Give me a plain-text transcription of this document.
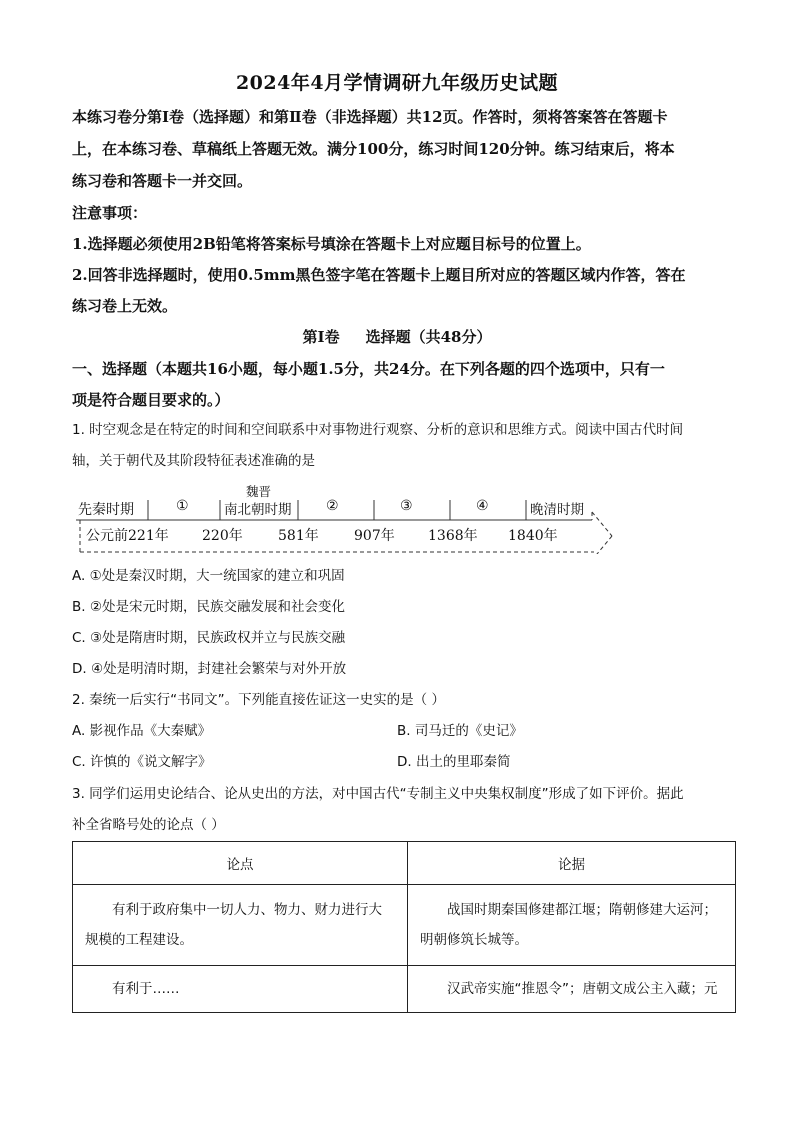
2024年4月学情调研九年级历史试题
本练习卷分第Ⅰ卷（选择题）和第Ⅱ卷（非选择题）共12页。作答时，须将答案答在答题卡
上，在本练习卷、草稿纸上答题无效。满分100分，练习时间120分钟。练习结束后，将本
练习卷和答题卡一并交回。
注意事项：
1.选择题必须使用2B铅笔将答案标号填涂在答题卡上对应题目标号的位置上。
2.回答非选择题时，使用0.5mm黑色签字笔在答题卡上题目所对应的答题区域内作答，答在
练习卷上无效。
第Ⅰ卷 选择题（共48分）
一、选择题（本题共16小题，每小题1.5分，共24分。在下列各题的四个选项中，只有一
项是符合题目要求的。）
1. 时空观念是在特定的时间和空间联系中对事物进行观察、分析的意识和思维方式。阅读中国古代时间
轴，关于朝代及其阶段特征表述准确的是
先秦时期	①
魏晋
南北朝时期 ②	③	④	晚清时期
公元前221年 220年	581年	907年 1368年 1840年
A. ①处是秦汉时期，大一统国家的建立和巩固
B. ②处是宋元时期，民族交融发展和社会变化
C. ③处是隋唐时期，民族政权并立与民族交融
D. ④处是明清时期，封建社会繁荣与对外开放
2. 秦统一后实行“书同文”。下列能直接佐证这一史实的是（ ）
A. 影视作品《大秦赋》	B. 司马迁的《史记》
C. 许慎的《说文解字》	D. 出土的里耶秦简
3. 同学们运用史论结合、论从史出的方法，对中国古代“专制主义中央集权制度”形成了如下评价。据此
补全省略号处的论点（ ）
论点	论据
有利于政府集中一切人力、物力、财力进行大规模的工程建设。	战国时期秦国修建都江堰；隋朝修建大运河；明朝修筑长城等。
有利于……	汉武帝实施“推恩令”；唐朝文成公主入藏；元
